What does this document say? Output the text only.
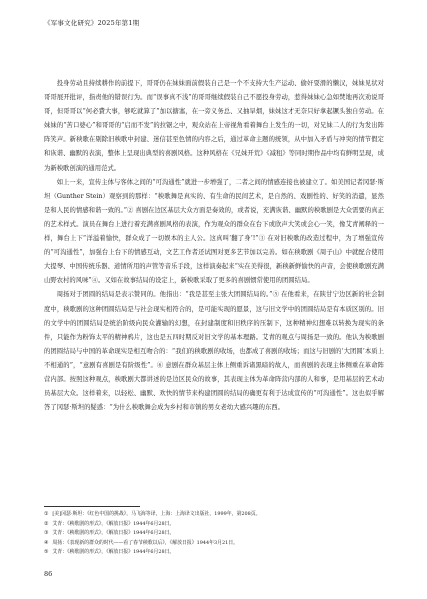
《军事文化研究》2025年第1期

投身劳动且持续耕作的前提下，哥哥仍在妹妹面前假装自己是一个不支持大生产运动、偷奸耍滑的懒汉，妹妹见状对哥哥展开批评，指责他的错误行为。而“误事真不浅”的哥哥继续假装自己不愿投身劳动，惹得妹妹心急如焚地再次劝说哥哥，但哥哥以“何必費大事，够吃就算了”加以搪塞，在一旁义务总、又抽旱烟，妹妹这才无奈只好拿起镢头独自劳动。在妹妹的“苦口婆心”和哥哥的“启而不发”的拉锯之中，观众站在上帝视角看着舞台上发生的一切，对兄妹二人的行为发出阵阵笑声。新秧歌在剔除旧秧歌中封建、迷信甚至色情的内容之后，通过革命主题的统领，从中加入矛盾与冲突的情节假定和诙谐、幽默的表演，整体上呈现出典型的喜剧风格。这种风格在《兄妹开荒》《减租》等同时期作品中均有鲜明呈现，成为新秧歌创演的通用范式。

如上一来，宣传主体与客体之间的“可沟通性”就进一步增强了，二者之间的情感连接也被建立了。如美国记者冈瑟·斯坦（Gunther Stein）观察到的那样：“秧歌舞是真实的、有生命的民间艺术，是自然的、戏剧性的、好笑的消遣，显然是和人民的情感和谐一致的。”② 喜剧在边区基层大众方面是奏效的，或者说，充满诙谐、幽默的秧歌剧是大众需要的真正的艺术样式。演员在舞台上进行着充满喜剧风格的表演，作为观众的群众在台下或欣声大笑或会心一笑，像艾青阐释的一样，舞台上下“洋溢着愉快，群众成了一切娱本的主人公。这真叫‘翻了身’!”③ 在对旧秧歌的改造过程中，为了增强宣传的“可沟通性”，加强台上台下的情感互动，文艺工作者还试图对更多艺节加以完善。如在秧歌剧《周子山》中就配合使用大提琴、中国传统乐器、道情所用的声管等音乐手段，这样演奏起来“实在美得很，新秧新鲜愉快的声音，会使秧歌剧充满山野农村的风味”④。又如在故事结局的设定上，新秧歌采取了更多的喜剧惯常使用的团圆结局。

周扬对于团圆的结局是表示赞同的。他指出：“我是甚至主张大团圆结局的。”⑤ 在他看来，在陕甘宁边区新的社会制度中，秧歌剧的这种团圆结局是与社会现实相符合的，是可能实现的愿景，这与旧文学中的团圆结局是有本质区别的。旧的文学中的团圆结局是统治阶级向民众灌输的幻想，在封建制度和旧秩序的压制下，这种精神幻想难以转换为现实的条件，只能作为粉饰太平的精神鸦片，这也是五四时期反对旧文学的基本理路。艾青的观点与周扬是一致的。他认为秧歌剧的团圆结局与中国的革命现实是相互吻合的：“我们的秧歌剧的收场，也都成了喜剧的收场；而这与旧剧的‘大团圆’本质上不相通的”，“意剧有喜剧是有阶级性”。⑥ 意剧在群众基层主体上侧重诉诸黑暗的故人，而喜剧的表现主体侧重在革命阵营内部。按照这种观点，秧歌剧大都讲述的是边区民众的故事，其表现主体为革命阵营内部的人和事，是用基层的艺术动员基层大众。这样着来，以轻松、幽默、欢快的情节来构建团圆的结局的确更有利于达成宣传的“可沟通性”。这也似乎解答了冈瑟·斯坦的疑惑：“为什么秧歌舞会成为乡村和市镇的男女老幼大感兴趣的东西。

① [美]冈瑟·斯坦：《红色中国的挑战》，马飞海等译，上海：上海译文出版社，1999年，第208页。

② 艾青：《秧歌剧的形式》，《解放日报》1944年6月28日。

③ 艾青：《秧歌剧的形式》，《解放日报》1944年6月28日。

④ 周扬：《表现新的群众的时代——看了春节秧歌以后》，《解放日报》1944年3月21日。

⑤ 艾青：《秧歌剧的形式》，《解放日报》1944年6月28日。

86
